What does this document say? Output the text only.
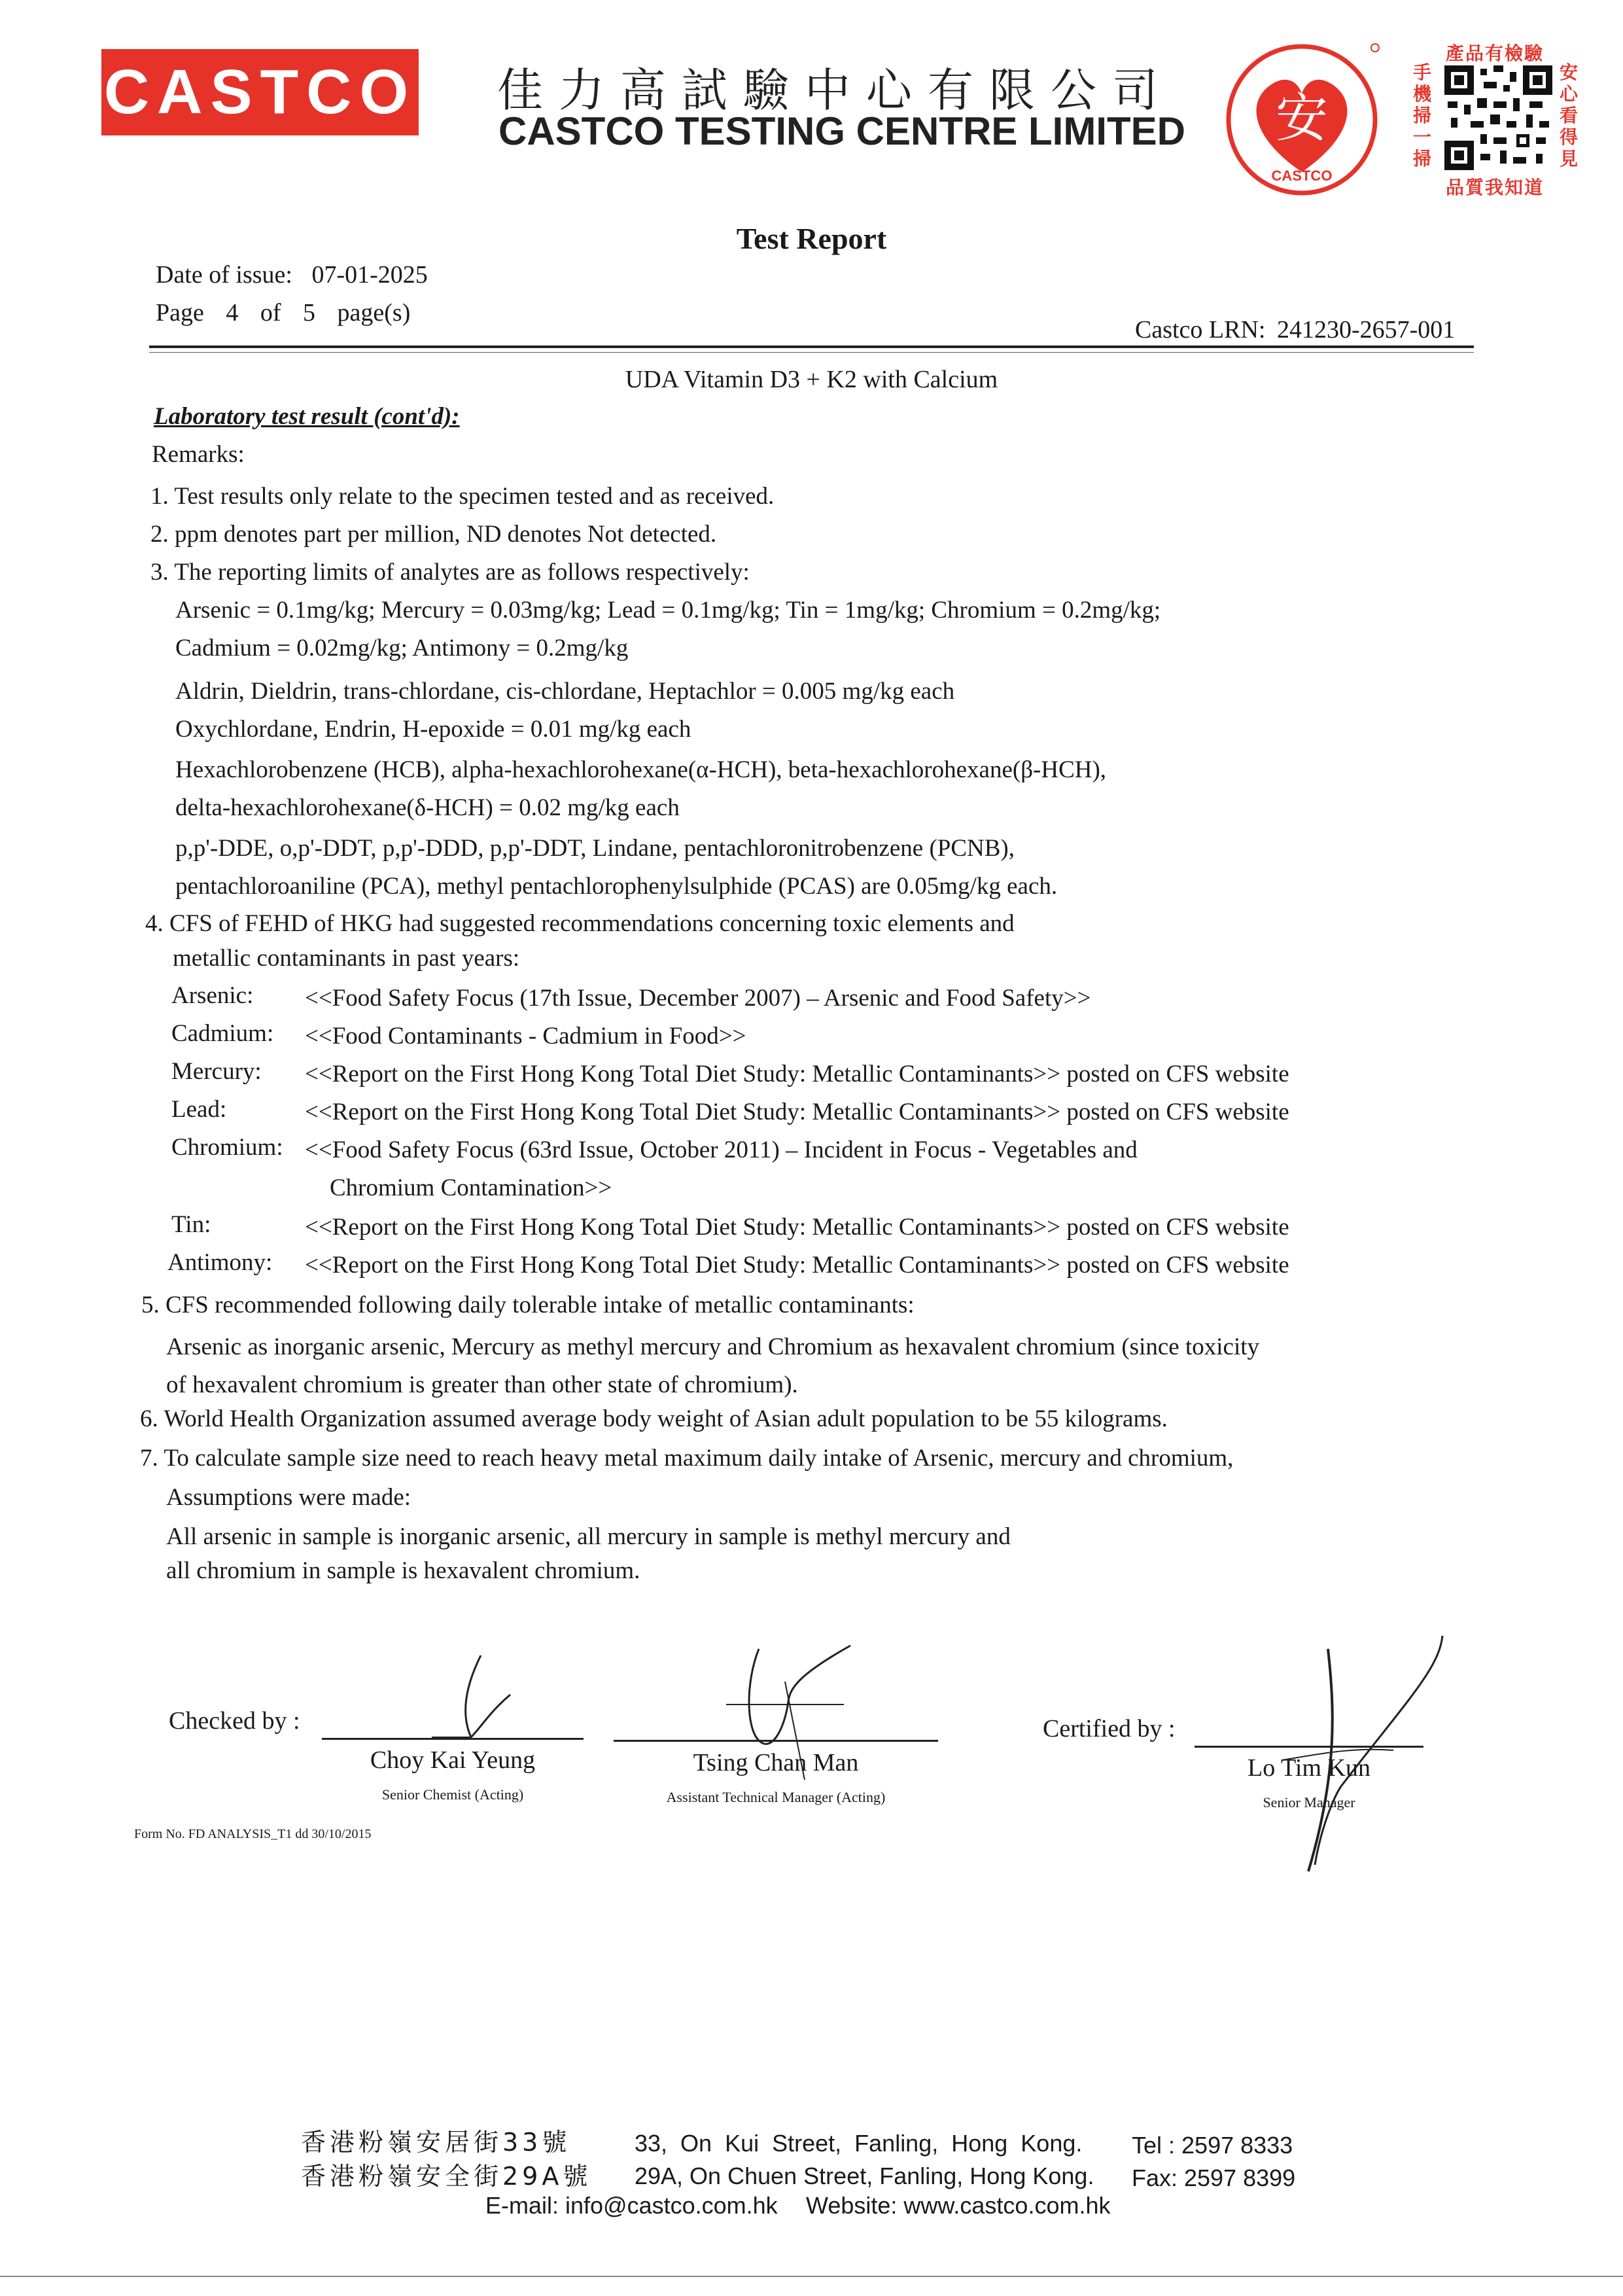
CASTCO 佳力高試驗中心有限公司
CASTCO TESTING CENTRE LIMITED 安
CASTCO
產品有檢驗
手機掃一掃
安心看得見
品質我知道
Test Report
Date of issue: 07-01-2025
Page 4 of 5 page(s)
Castco LRN: 241230-2657-001
UDA Vitamin D3 + K2 with Calcium
Laboratory test result (cont'd):
Remarks:
1. Test results only relate to the specimen tested and as received.
2. ppm denotes part per million, ND denotes Not detected.
3. The reporting limits of analytes are as follows respectively:
Arsenic = 0.1mg/kg; Mercury = 0.03mg/kg; Lead = 0.1mg/kg; Tin = 1mg/kg; Chromium = 0.2mg/kg;
Cadmium = 0.02mg/kg; Antimony = 0.2mg/kg
Aldrin, Dieldrin, trans-chlordane, cis-chlordane, Heptachlor = 0.005 mg/kg each
Oxychlordane, Endrin, H-epoxide = 0.01 mg/kg each
Hexachlorobenzene (HCB), alpha-hexachlorohexane(α-HCH), beta-hexachlorohexane(β-HCH),
delta-hexachlorohexane(δ-HCH) = 0.02 mg/kg each
p,p'-DDE, o,p'-DDT, p,p'-DDD, p,p'-DDT, Lindane, pentachloronitrobenzene (PCNB),
pentachloroaniline (PCA), methyl pentachlorophenylsulphide (PCAS) are 0.05mg/kg each.
4. CFS of FEHD of HKG had suggested recommendations concerning toxic elements and
metallic contaminants in past years:
Arsenic: <<Food Safety Focus (17th Issue, December 2007) – Arsenic and Food Safety>>
Cadmium: <<Food Contaminants - Cadmium in Food>>
Mercury: <<Report on the First Hong Kong Total Diet Study: Metallic Contaminants>> posted on CFS website
Lead:	<<Report on the First Hong Kong Total Diet Study: Metallic Contaminants>> posted on CFS website
Chromium: <<Food Safety Focus (63rd Issue, October 2011) – Incident in Focus - Vegetables and
Chromium Contamination>>
Tin:	<<Report on the First Hong Kong Total Diet Study: Metallic Contaminants>> posted on CFS website
Antimony: <<Report on the First Hong Kong Total Diet Study: Metallic Contaminants>> posted on CFS website
5. CFS recommended following daily tolerable intake of metallic contaminants:
Arsenic as inorganic arsenic, Mercury as methyl mercury and Chromium as hexavalent chromium (since toxicity
of hexavalent chromium is greater than other state of chromium).
6. World Health Organization assumed average body weight of Asian adult population to be 55 kilograms.
7. To calculate sample size need to reach heavy metal maximum daily intake of Arsenic, mercury and chromium,
Assumptions were made:
All arsenic in sample is inorganic arsenic, all mercury in sample is methyl mercury and
all chromium in sample is hexavalent chromium.
Checked by :
Choy Kai Yeung
Senior Chemist (Acting)
Tsing Chan Man
Assistant Technical Manager (Acting)
Certified by :
Lo Tim Kun
Senior Manager
Form No. FD ANALYSIS_T1 dd 30/10/2015
香港粉嶺安居街33號
香港粉嶺安全街29A號
33, On Kui Street, Fanling, Hong Kong.
29A, On Chuen Street, Fanling, Hong Kong.
Tel : 2597 8333
Fax: 2597 8399
E-mail: info@castco.com.hk Website: www.castco.com.hk
